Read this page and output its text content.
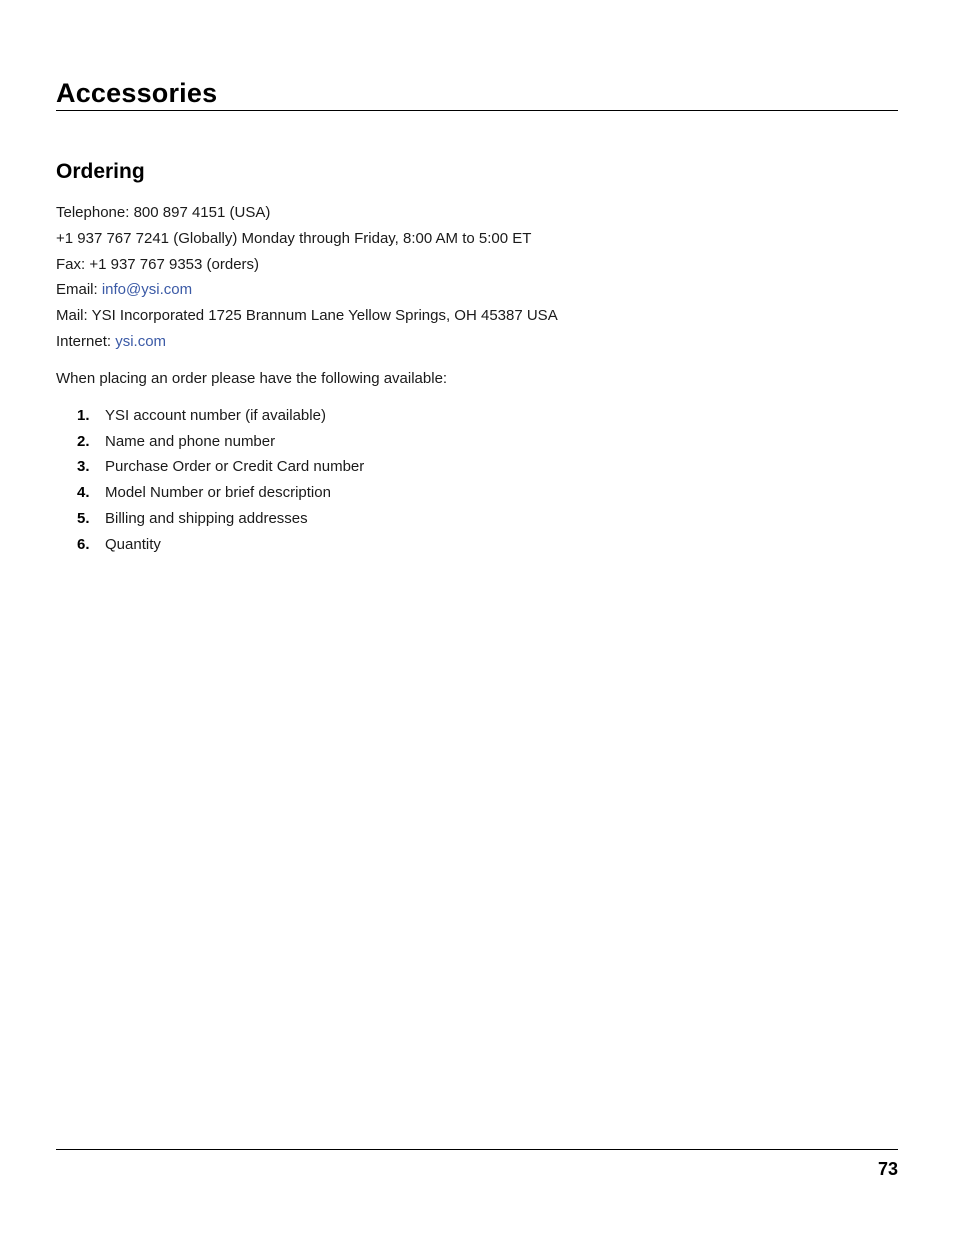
Accessories
Ordering
Telephone: 800 897 4151 (USA)
+1 937 767 7241 (Globally) Monday through Friday, 8:00 AM to 5:00 ET
Fax: +1 937 767 9353 (orders)
Email: info@ysi.com
Mail: YSI Incorporated 1725 Brannum Lane Yellow Springs, OH 45387 USA
Internet: ysi.com
When placing an order please have the following available:
1.	YSI account number (if available)
2.	Name and phone number
3.	Purchase Order or Credit Card number
4.	Model Number or brief description
5.	Billing and shipping addresses
6.	Quantity
73
